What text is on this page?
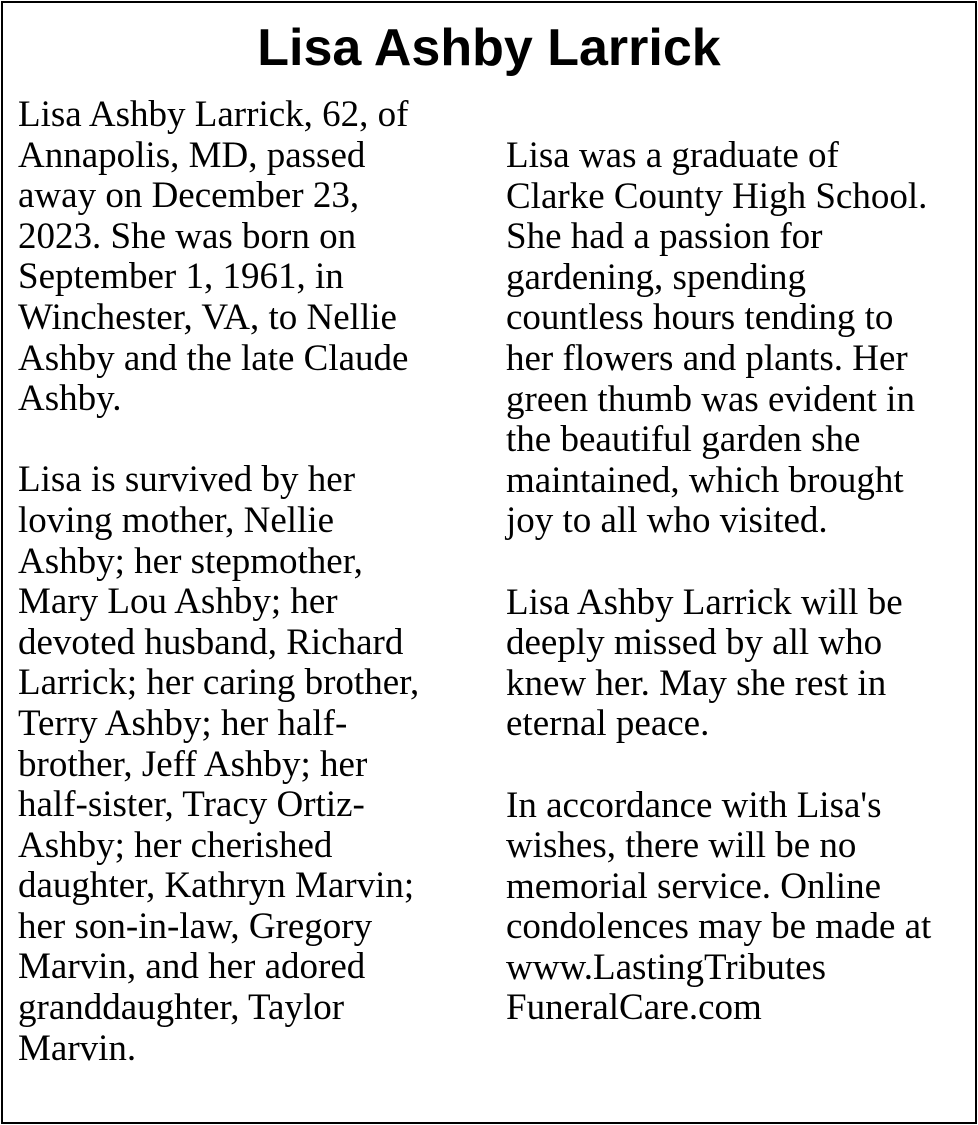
Lisa Ashby Larrick
Lisa Ashby Larrick, 62, of
Annapolis, MD, passed
away on December 23,
2023. She was born on
September 1, 1961, in
Winchester, VA, to Nellie
Ashby and the late Claude
Ashby.
Lisa is survived by her
loving mother, Nellie
Ashby; her stepmother,
Mary Lou Ashby; her
devoted husband, Richard
Larrick; her caring brother,
Terry Ashby; her half-
brother, Jeff Ashby; her
half-sister, Tracy Ortiz-
Ashby; her cherished
daughter, Kathryn Marvin;
her son-in-law, Gregory
Marvin, and her adored
granddaughter, Taylor
Marvin.
Lisa was a graduate of
Clarke County High School.
She had a passion for
gardening, spending
countless hours tending to
her flowers and plants. Her
green thumb was evident in
the beautiful garden she
maintained, which brought
joy to all who visited.
Lisa Ashby Larrick will be
deeply missed by all who
knew her. May she rest in
eternal peace.
In accordance with Lisa's
wishes, there will be no
memorial service. Online
condolences may be made at
www.LastingTributes
FuneralCare.com
